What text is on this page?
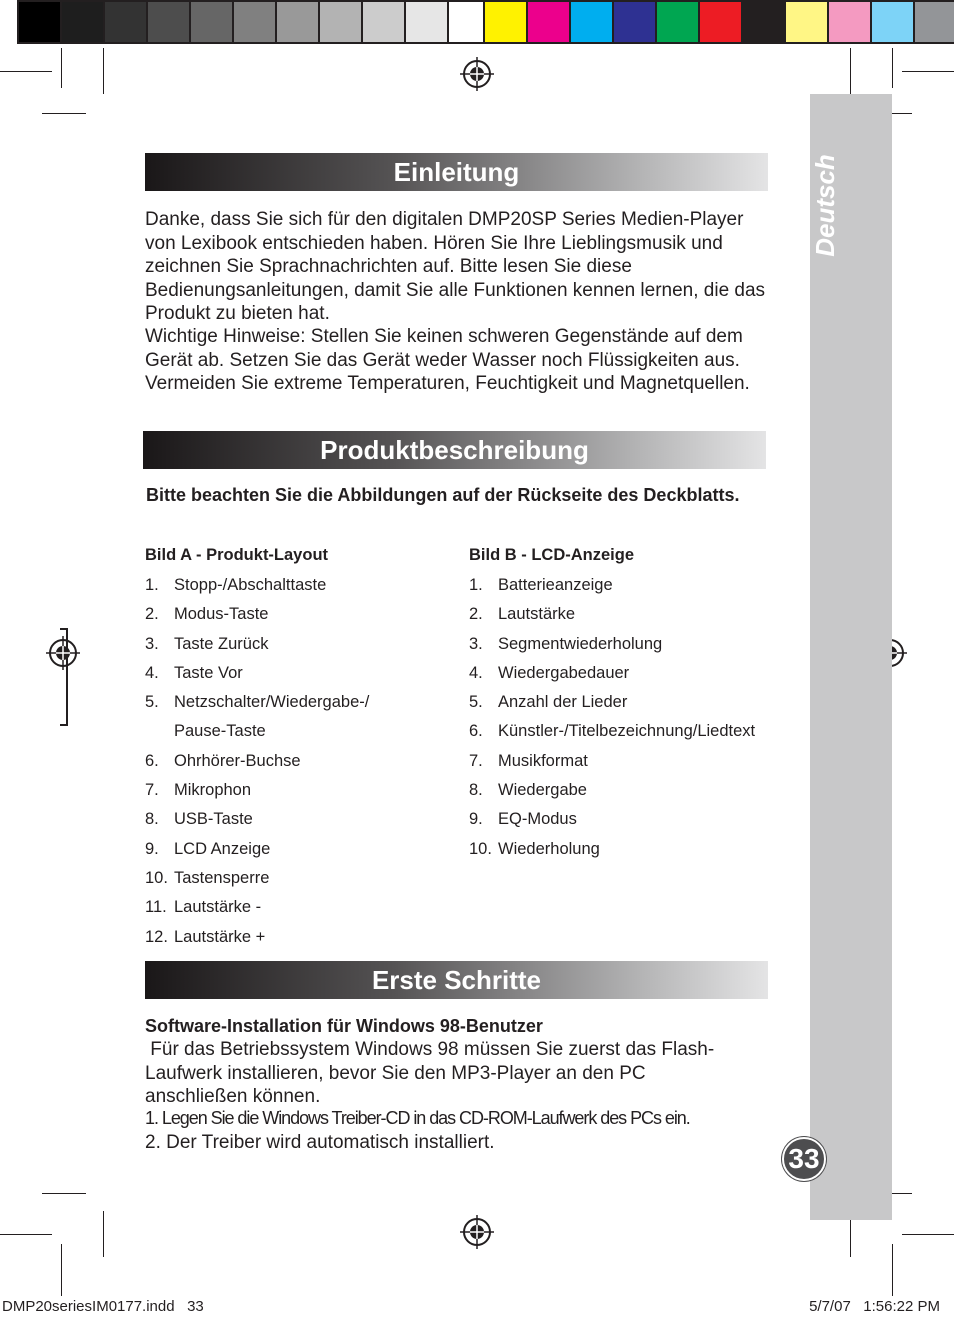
Deutsch
33
Einleitung

Danke, dass Sie sich für den digitalen DMP20SP Series Medien-Player von Lexibook entschieden haben. Hören Sie Ihre Lieblingsmusik und zeichnen Sie Sprachnachrichten auf. Bitte lesen Sie diese Bedienungsanleitungen, damit Sie alle Funktionen kennen lernen, die das Produkt zu bieten hat.

Wichtige Hinweise: Stellen Sie keinen schweren Gegenstände auf dem Gerät ab. Setzen Sie das Gerät weder Wasser noch Flüssigkeiten aus. Vermeiden Sie extreme Temperaturen, Feuchtigkeit und Magnetquellen.

Produktbeschreibung

Bitte beachten Sie die Abbildungen auf der Rückseite des Deckblatts.

Bild A - Produkt-Layout
1. Stopp-/Abschalttaste
2. Modus-Taste
3. Taste Zurück
4. Taste Vor
5. Netzschalter/Wiedergabe-/
Pause-Taste
6. Ohrhörer-Buchse
7. Mikrophon
8. USB-Taste
9. LCD Anzeige
10. Tastensperre
11. Lautstärke -
12. Lautstärke +
Bild B - LCD-Anzeige
1. Batterieanzeige
2. Lautstärke
3. Segmentwiederholung
4. Wiedergabedauer
5. Anzahl der Lieder
6. Künstler-/Titelbezeichnung/Liedtext
7. Musikformat
8. Wiedergabe
9. EQ-Modus
10. Wiederholung
Erste Schritte
Software-Installation für Windows 98-Benutzer

Für das Betriebssystem Windows 98 müssen Sie zuerst das Flash-Laufwerk installieren, bevor Sie den MP3-Player an den PC anschließen können.

1. Legen Sie die Windows Treiber-CD in das CD-ROM-Laufwerk des PCs ein.
2. Der Treiber wird automatisch installiert.
DMP20seriesIM0177.indd   33	5/7/07   1:56:22 PM
